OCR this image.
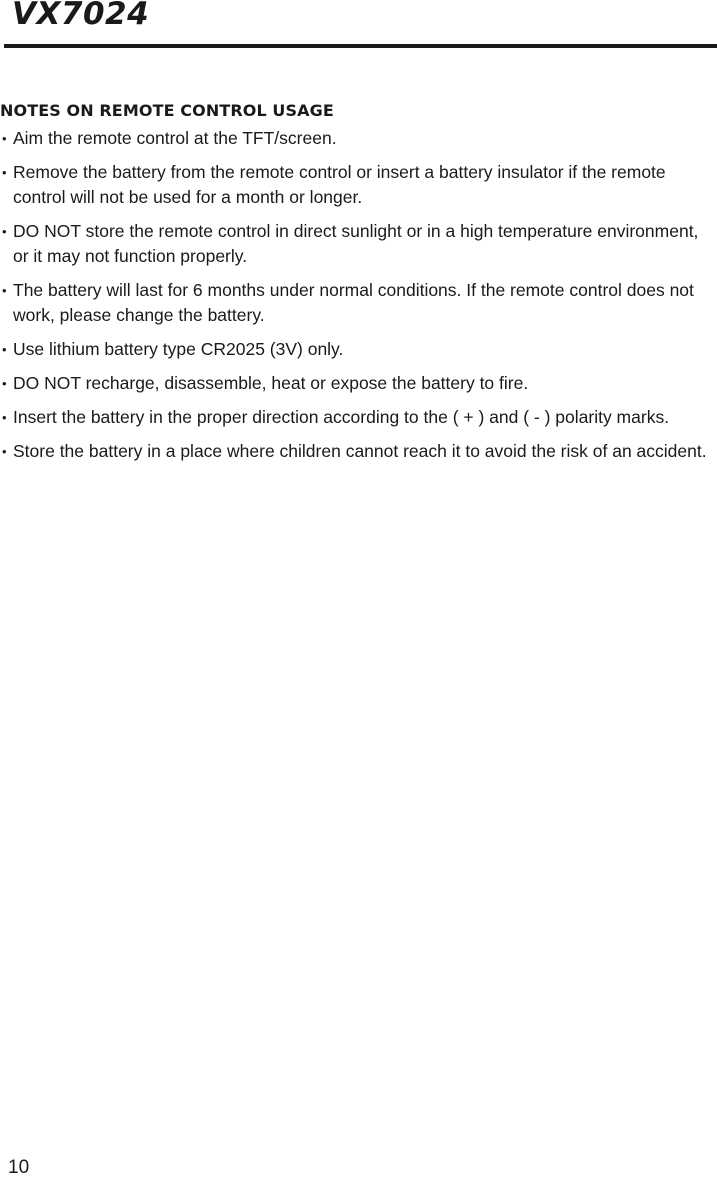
VX7024
NOTES ON REMOTE CONTROL USAGE
• Aim the remote control at the TFT/screen.
• Remove the battery from the remote control or insert a battery insulator if the remote control will not be used for a month or longer.
• DO NOT store the remote control in direct sunlight or in a high temperature environment, or it may not function properly.
• The battery will last for 6 months under normal conditions. If the remote control does not work, please change the battery.
• Use lithium battery type CR2025 (3V) only.
• DO NOT recharge, disassemble, heat or expose the battery to fire.
• Insert the battery in the proper direction according to the ( + ) and ( - ) polarity marks.
• Store the battery in a place where children cannot reach it to avoid the risk of an accident.
10
